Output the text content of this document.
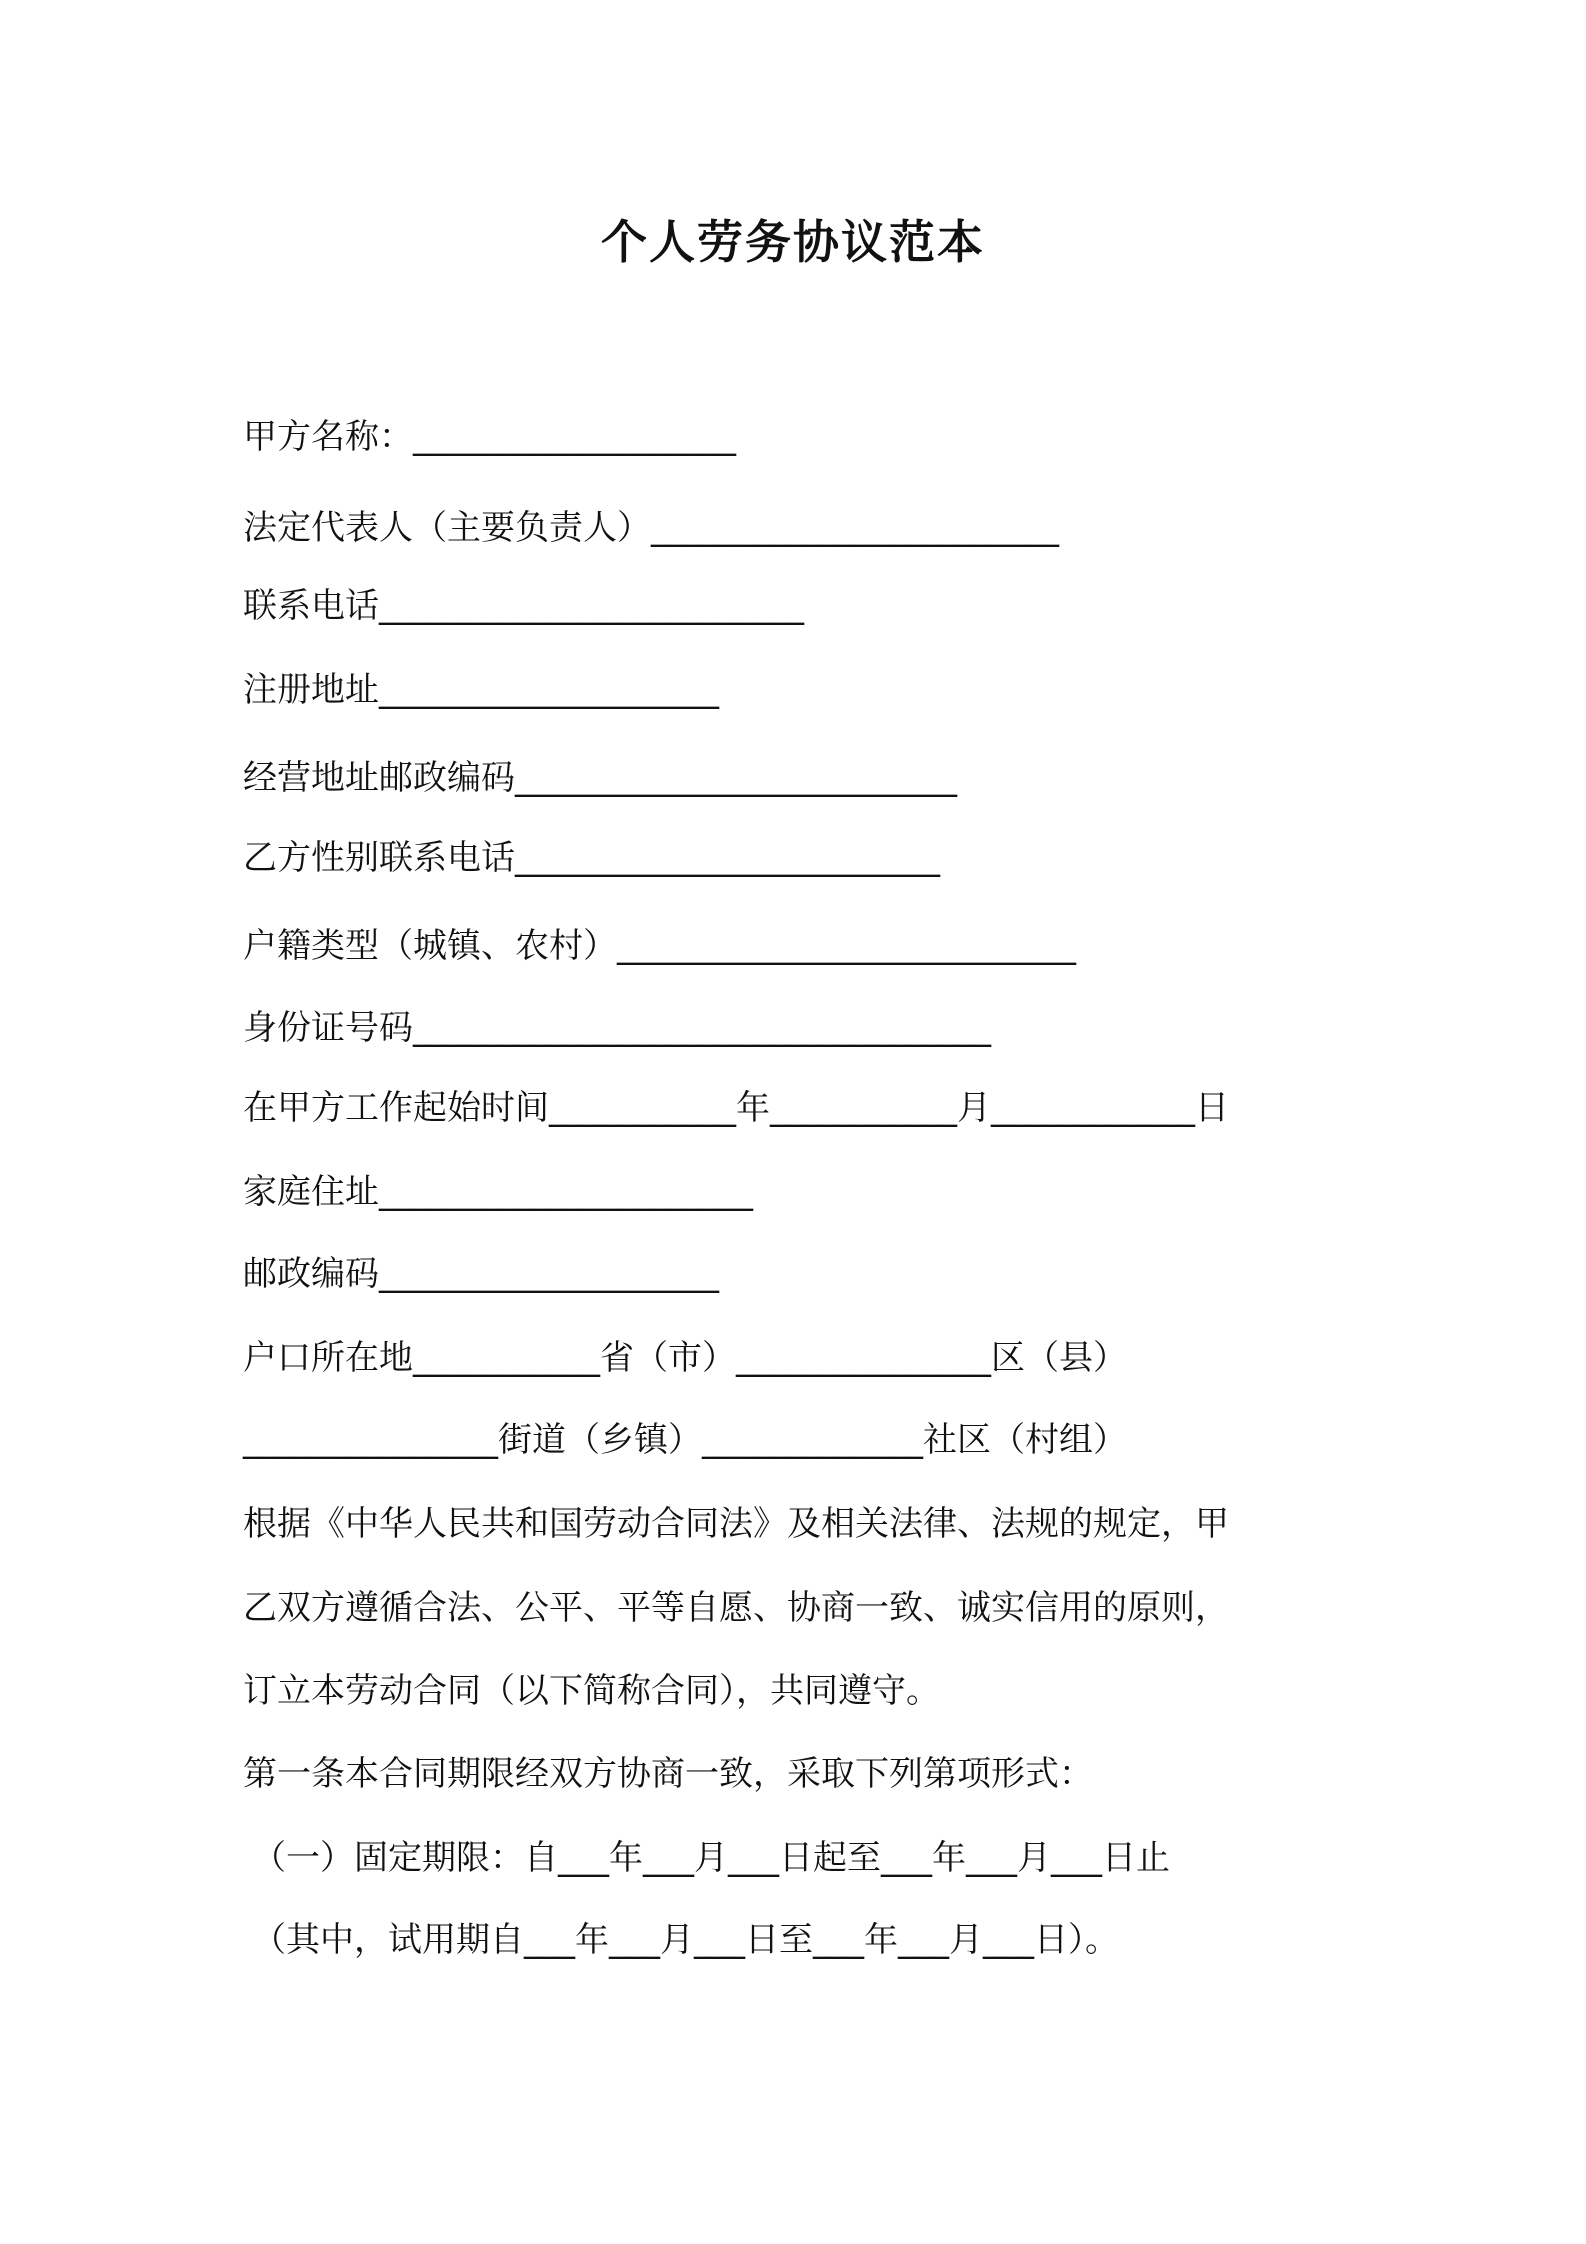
个人劳务协议范本
甲方名称：___________________
法定代表人（主要负责人）________________________
联系电话_________________________
注册地址____________________
经营地址邮政编码__________________________
乙方性别联系电话_________________________
户籍类型（城镇、农村）___________________________
身份证号码__________________________________
在甲方工作起始时间___________年___________月____________日
家庭住址______________________
邮政编码____________________
户口所在地___________省（市）_______________区（县）
_______________街道（乡镇）_____________社区（村组）
根据《中华人民共和国劳动合同法》及相关法律、法规的规定，甲
乙双方遵循合法、公平、平等自愿、协商一致、诚实信用的原则，
订立本劳动合同（以下简称合同），共同遵守。
第一条本合同期限经双方协商一致，采取下列第项形式：
（一）固定期限：自___年___月___日起至___年___月___日止
（其中，试用期自___年___月___日至___年___月___日）。
